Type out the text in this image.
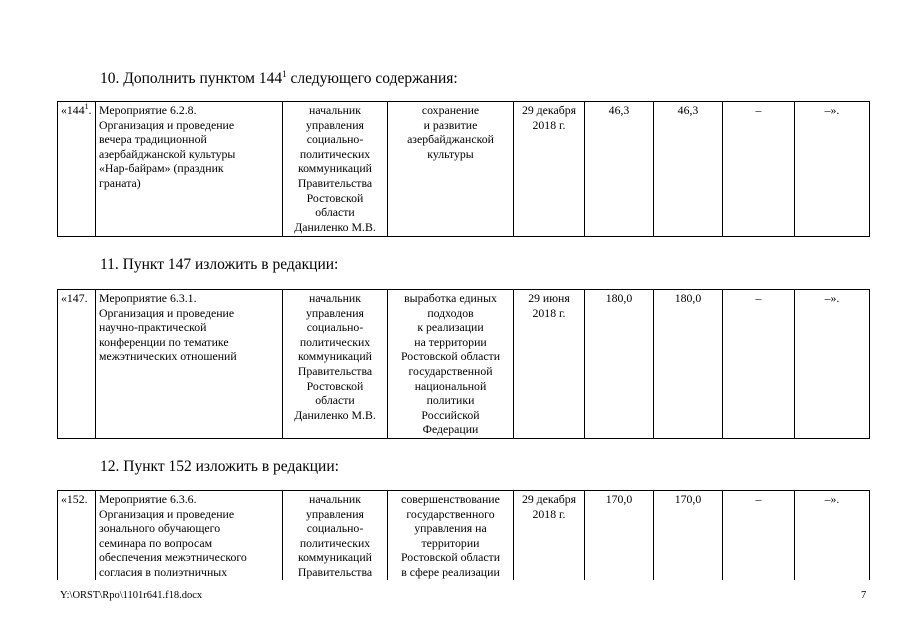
10. Дополнить пунктом $144^1$ следующего содержания:
«$144^1$.	Мероприятие 6.2.8.
Организация и проведение
вечера традиционной
азербайджанской культуры
«Нар-байрам» (праздник
граната)

начальник
управления
социально-
политических
коммуникаций
Правительства
Ростовской
области
Даниленко М.В.

сохранение
и развитие
азербайджанской
культуры

29 декабря
2018 г.
	46,3	46,3	–	–».
11. Пункт 147 изложить в редакции:
«147.	Мероприятие 6.3.1.
Организация и проведение
научно-практической
конференции по тематике
межэтнических отношений

начальник
управления
социально-
политических
коммуникаций
Правительства
Ростовской
области
Даниленко М.В.

выработка единых
подходов
к реализации
на территории
Ростовской области
государственной
национальной
политики
Российской
Федерации

29 июня
2018 г.
	180,0	180,0	–	–».
12. Пункт 152 изложить в редакции:
«152.	Мероприятие 6.3.6.
Организация и проведение
зонального обучающего
семинара по вопросам
обеспечения межэтнического
согласия в полиэтничных

начальник
управления
социально-
политических
коммуникаций
Правительства

совершенствование
государственного
управления на
территории
Ростовской области
в сфере реализации

29 декабря
2018 г.
	170,0	170,0	–	–».
Y:\ORST\Rpo\1101r641.f18.docx	7
